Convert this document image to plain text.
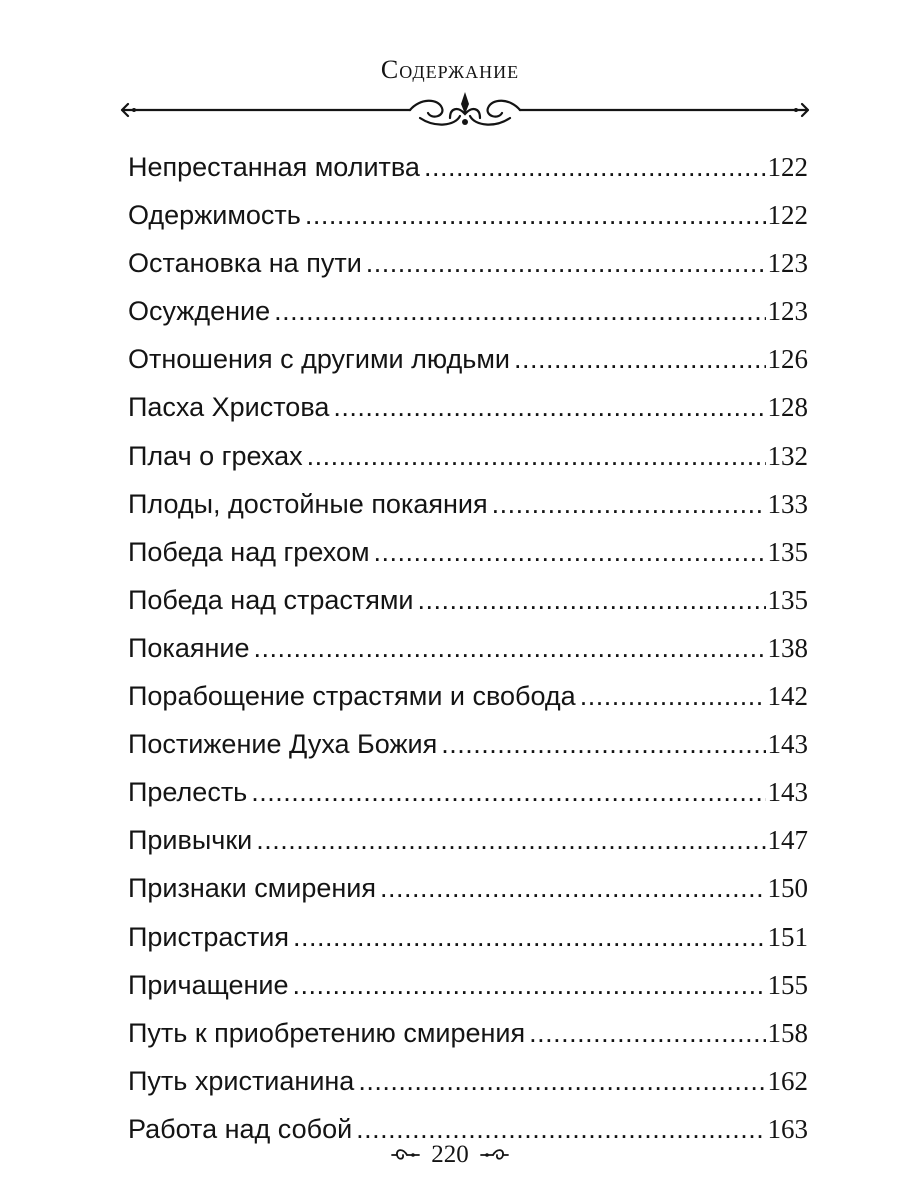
Содержание
Непрестанная молитва .....	122
Одержимость .....	122
Остановка на пути .....	123
Осуждение .....	123
Отношения с другими людьми .....	126
Пасха Христова .....	128
Плач о грехах .....	132
Плоды, достойные покаяния .....	133
Победа над грехом .....	135
Победа над страстями .....	135
Покаяние .....	138
Порабощение страстями и свобода .....	142
Постижение Духа Божия .....	143
Прелесть .....	143
Привычки .....	147
Признаки смирения .....	150
Пристрастия .....	151
Причащение .....	155
Путь к приобретению смирения .....	158
Путь христианина .....	162
Работа над собой .....	163
220
